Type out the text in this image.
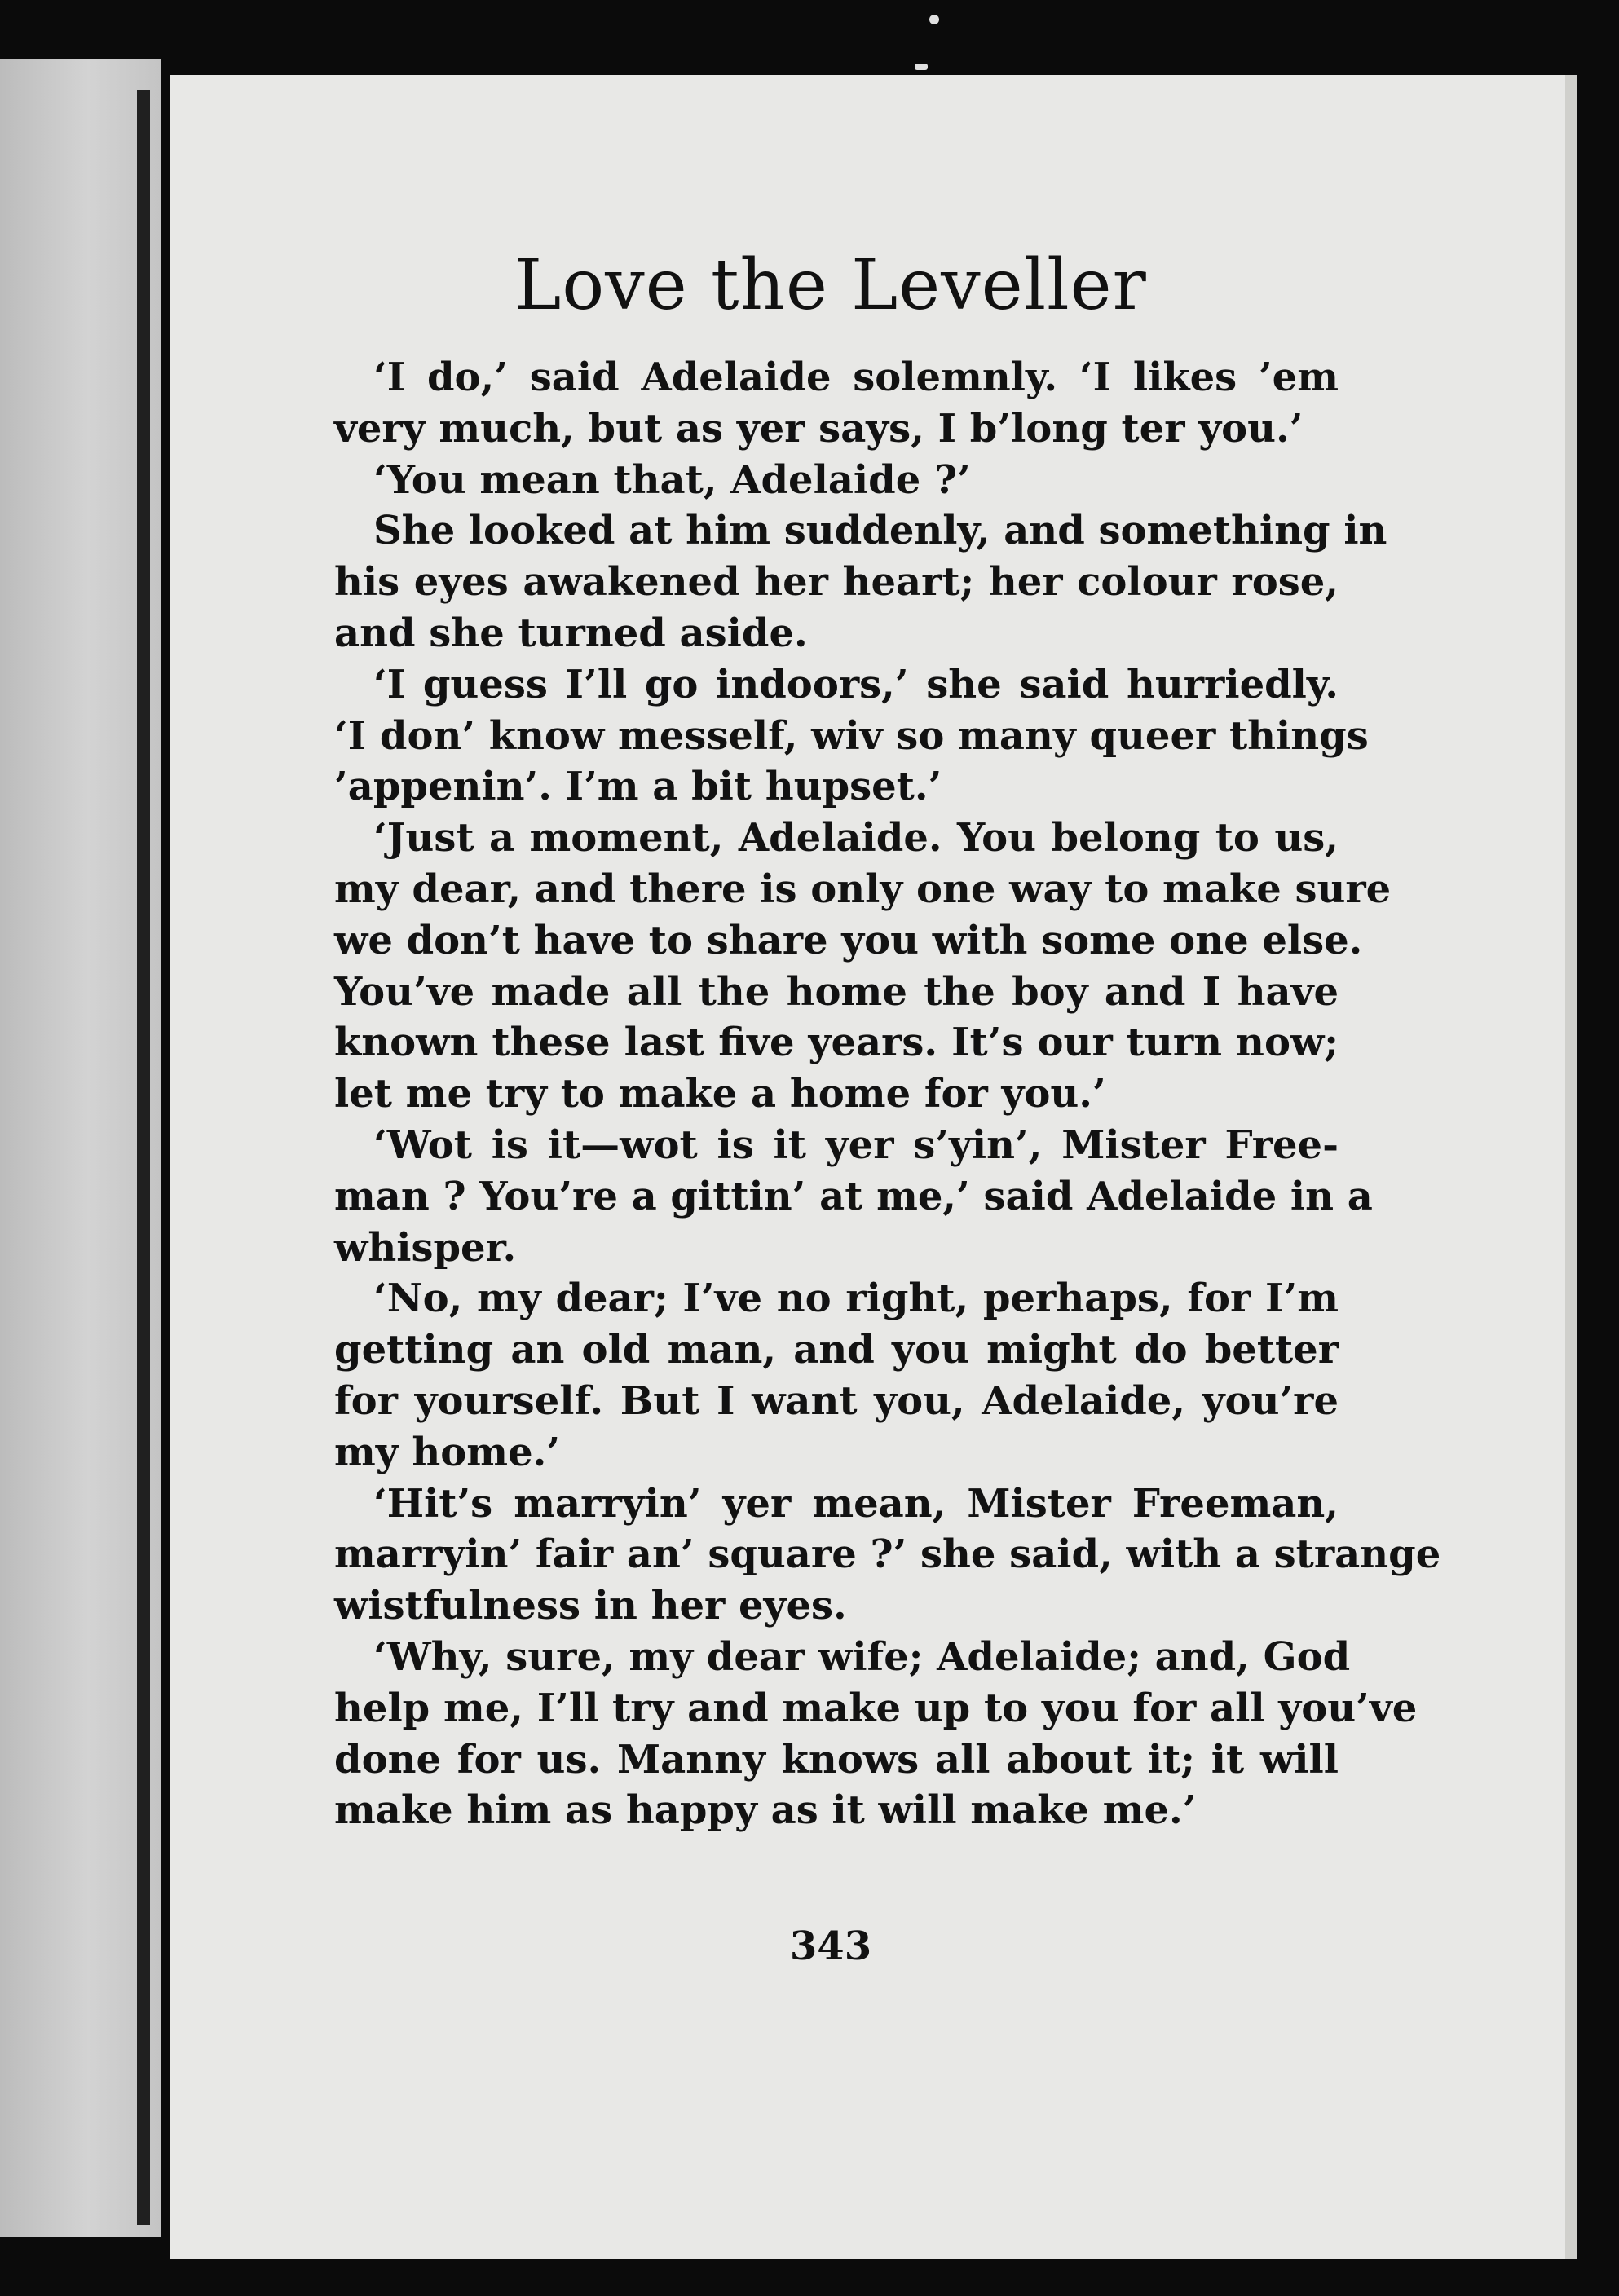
Love the Leveller
‘I do,’ said Adelaide solemnly. ‘I likes ’em
very much, but as yer says, I b’long ter you.’
‘You mean that, Adelaide ?’
She looked at him suddenly, and something in
his eyes awakened her heart; her colour rose,
and she turned aside.
‘I guess I’ll go indoors,’ she said hurriedly.
‘I don’ know mesself, wiv so many queer things
’appenin’. I’m a bit hupset.’
‘Just a moment, Adelaide. You belong to us,
my dear, and there is only one way to make sure
we don’t have to share you with some one else.
You’ve made all the home the boy and I have
known these last five years. It’s our turn now;
let me try to make a home for you.’
‘Wot is it—wot is it yer s’yin’, Mister Free-
man ? You’re a gittin’ at me,’ said Adelaide in a
whisper.
‘No, my dear; I’ve no right, perhaps, for I’m
getting an old man, and you might do better
for yourself. But I want you, Adelaide, you’re
my home.’
‘Hit’s marryin’ yer mean, Mister Freeman,
marryin’ fair an’ square ?’ she said, with a strange
wistfulness in her eyes.
‘Why, sure, my dear wife; Adelaide; and, God
help me, I’ll try and make up to you for all you’ve
done for us. Manny knows all about it; it will
make him as happy as it will make me.’
343
